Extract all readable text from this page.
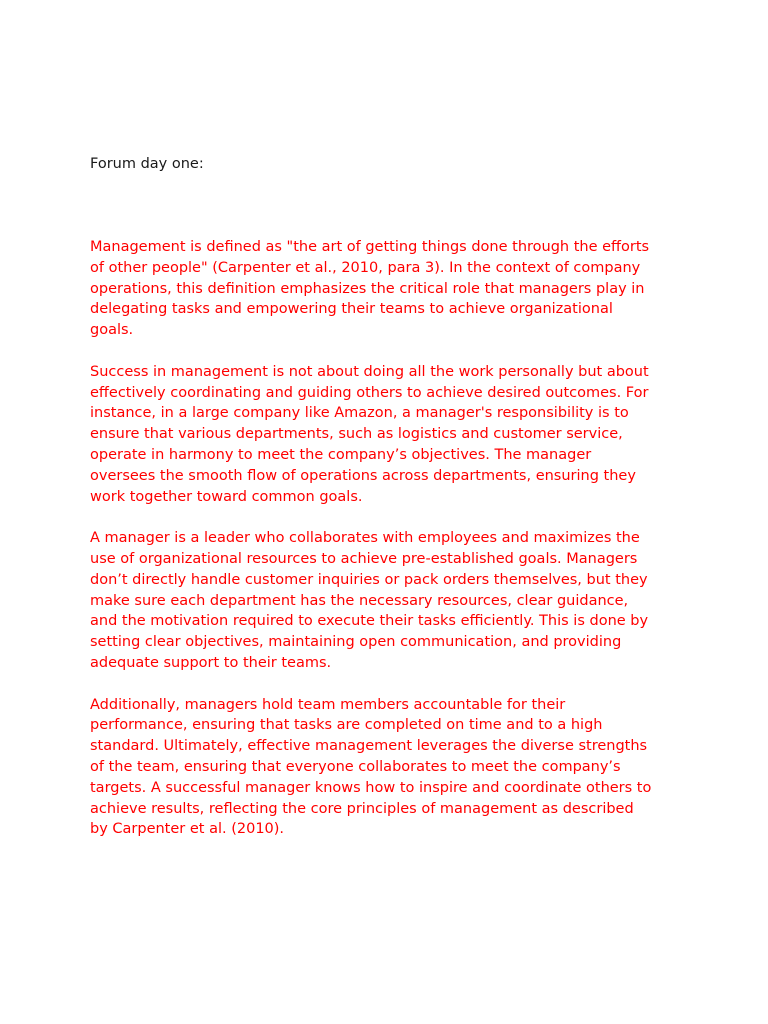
Forum day one:

Management is defined as "the art of getting things done through the efforts
of other people" (Carpenter et al., 2010, para 3). In the context of company
operations, this definition emphasizes the critical role that managers play in
delegating tasks and empowering their teams to achieve organizational
goals.

Success in management is not about doing all the work personally but about
effectively coordinating and guiding others to achieve desired outcomes. For
instance, in a large company like Amazon, a manager's responsibility is to
ensure that various departments, such as logistics and customer service,
operate in harmony to meet the company’s objectives. The manager
oversees the smooth flow of operations across departments, ensuring they
work together toward common goals.

A manager is a leader who collaborates with employees and maximizes the
use of organizational resources to achieve pre-established goals. Managers
don’t directly handle customer inquiries or pack orders themselves, but they
make sure each department has the necessary resources, clear guidance,
and the motivation required to execute their tasks efficiently. This is done by
setting clear objectives, maintaining open communication, and providing
adequate support to their teams.

Additionally, managers hold team members accountable for their
performance, ensuring that tasks are completed on time and to a high
standard. Ultimately, effective management leverages the diverse strengths
of the team, ensuring that everyone collaborates to meet the company’s
targets. A successful manager knows how to inspire and coordinate others to
achieve results, reflecting the core principles of management as described
by Carpenter et al. (2010).
